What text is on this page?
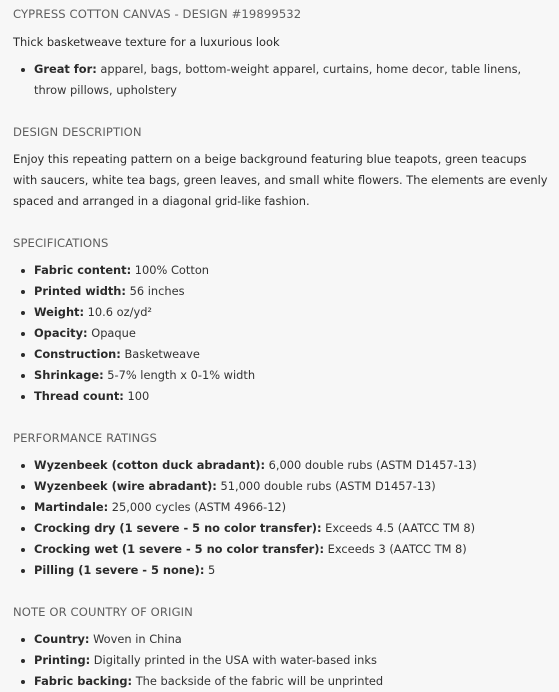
CYPRESS COTTON CANVAS - DESIGN #19899532
Thick basketweave texture for a luxurious look
Great for: apparel, bags, bottom-weight apparel, curtains, home decor, table linens, throw pillows, upholstery
DESIGN DESCRIPTION
Enjoy this repeating pattern on a beige background featuring blue teapots, green teacups with saucers, white tea bags, green leaves, and small white flowers. The elements are evenly spaced and arranged in a diagonal grid-like fashion.
SPECIFICATIONS
Fabric content: 100% Cotton
Printed width: 56 inches
Weight: 10.6 oz/yd²
Opacity: Opaque
Construction: Basketweave
Shrinkage: 5-7% length x 0-1% width
Thread count: 100
PERFORMANCE RATINGS
Wyzenbeek (cotton duck abradant): 6,000 double rubs (ASTM D1457-13)
Wyzenbeek (wire abradant): 51,000 double rubs (ASTM D1457-13)
Martindale: 25,000 cycles (ASTM 4966-12)
Crocking dry (1 severe - 5 no color transfer): Exceeds 4.5 (AATCC TM 8)
Crocking wet (1 severe - 5 no color transfer): Exceeds 3 (AATCC TM 8)
Pilling (1 severe - 5 none): 5
NOTE OR COUNTRY OF ORIGIN
Country: Woven in China
Printing: Digitally printed in the USA with water-based inks
Fabric backing: The backside of the fabric will be unprinted
